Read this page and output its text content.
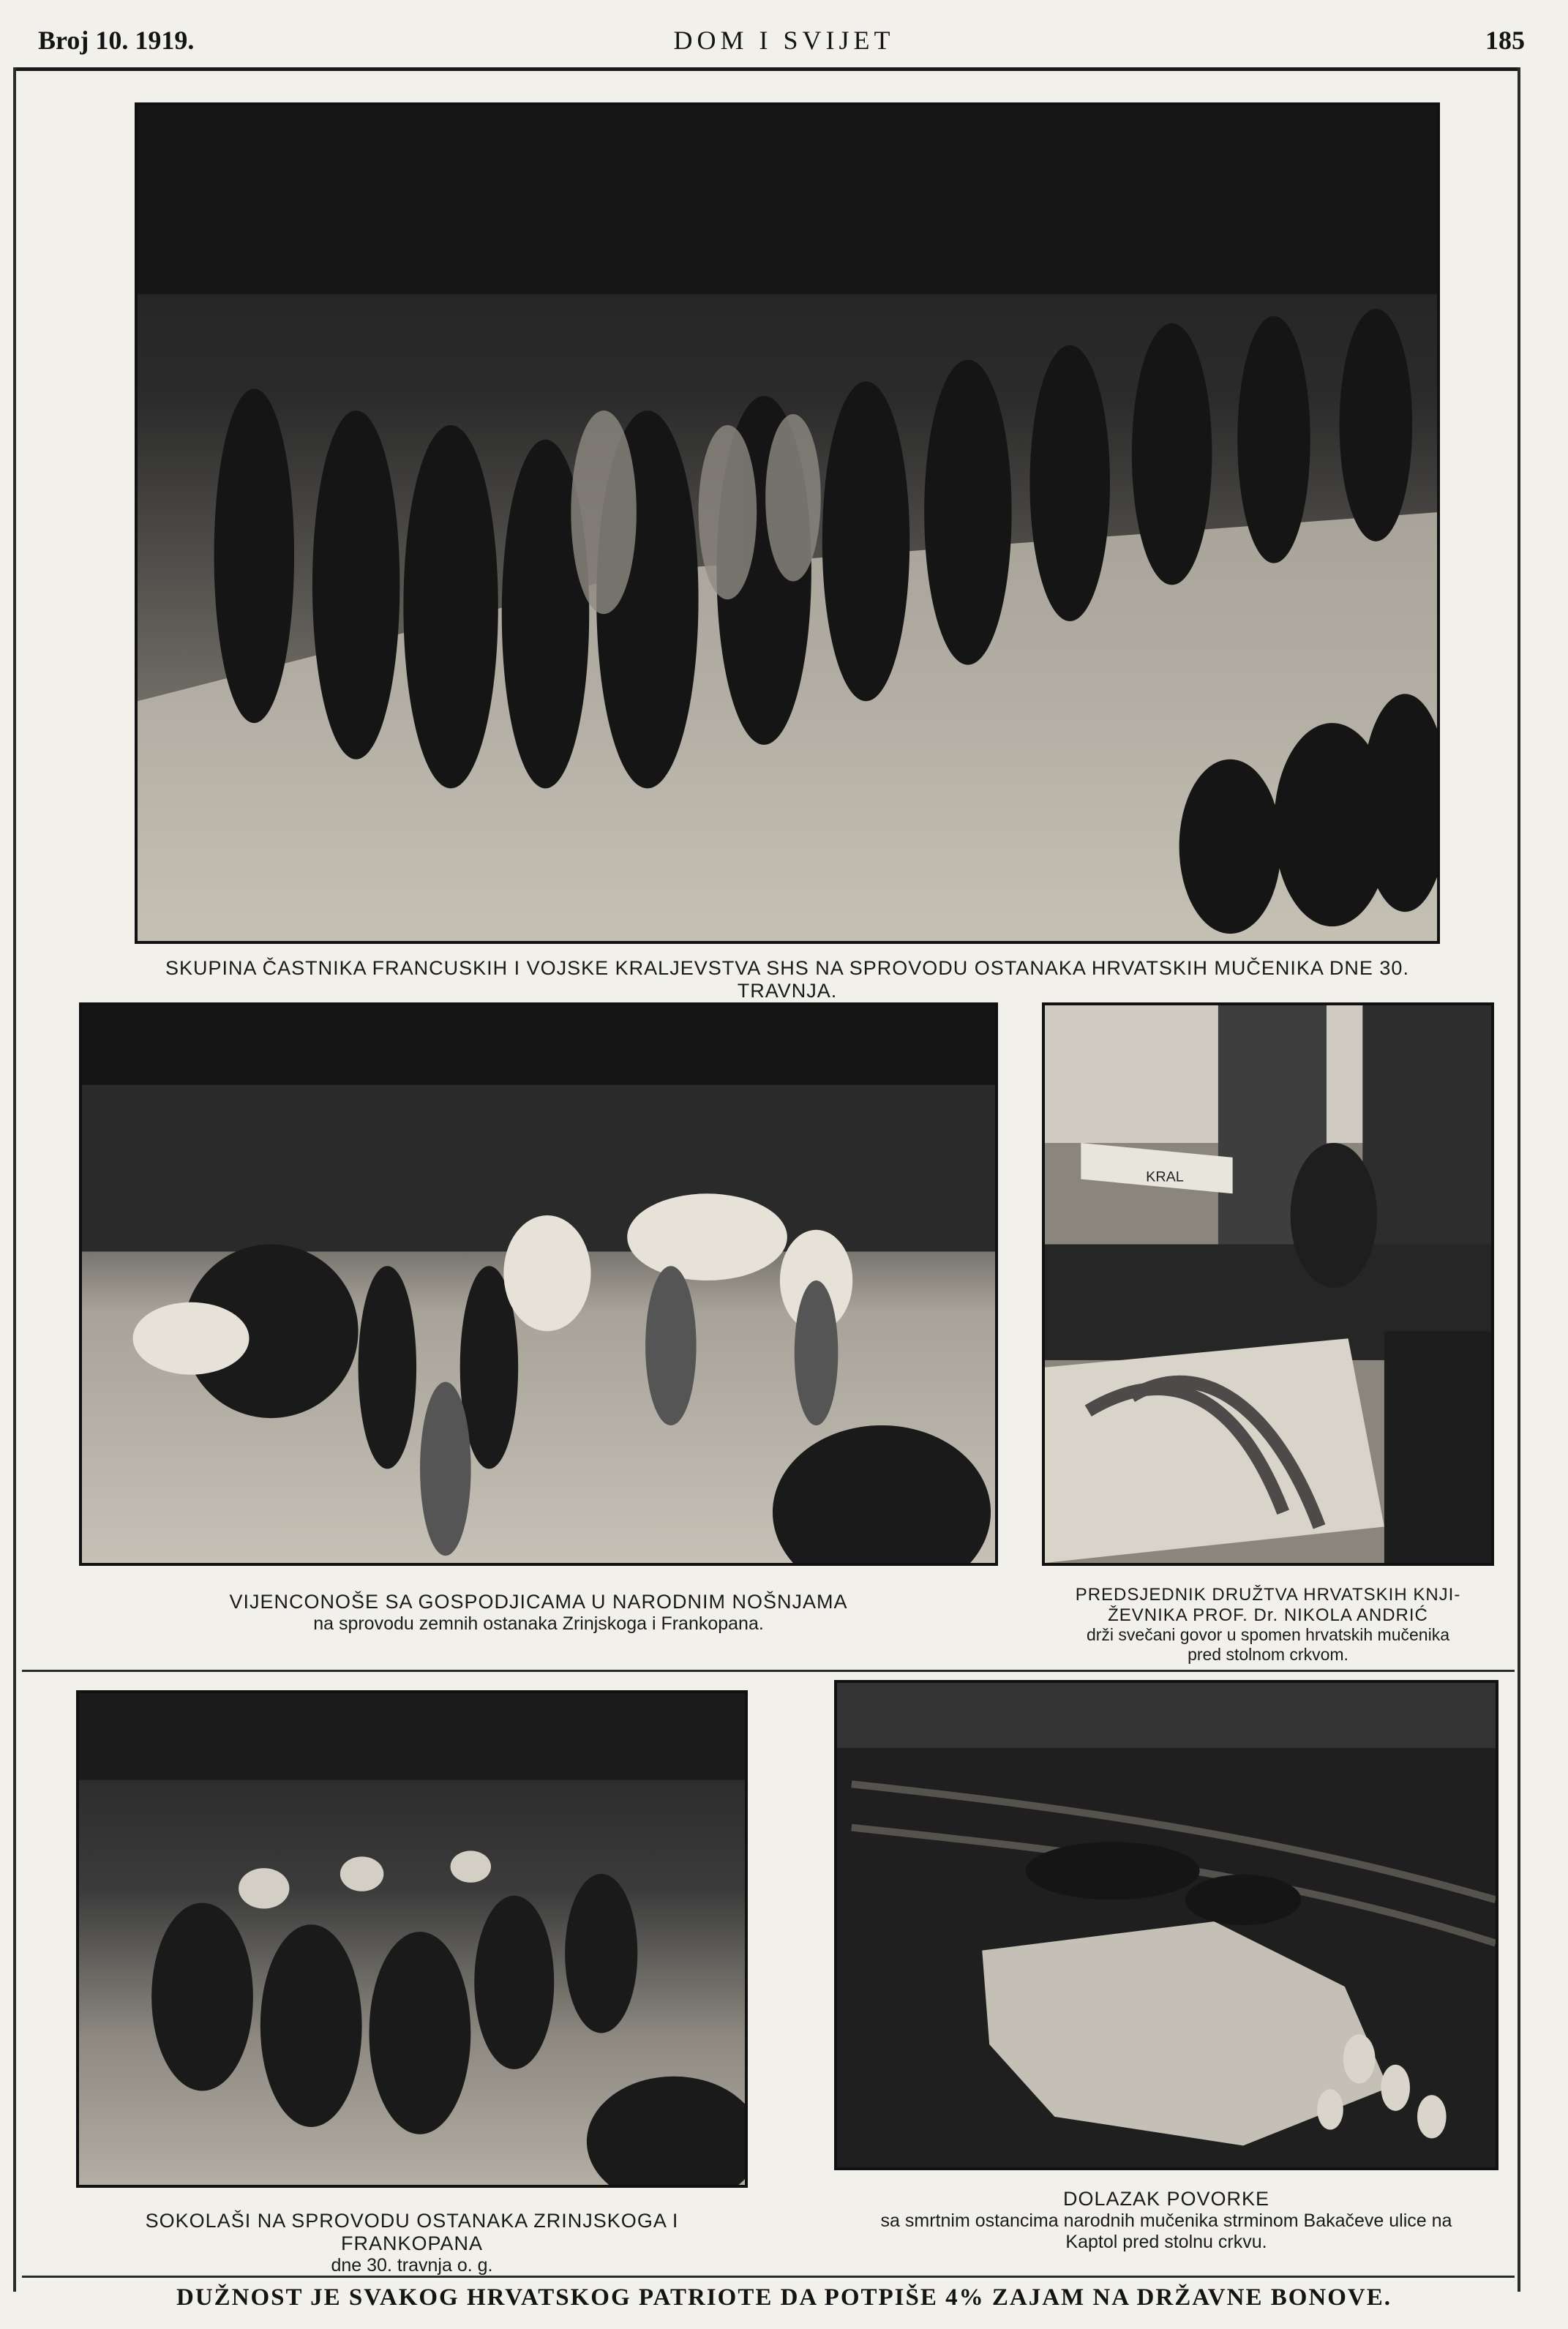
Broj 10. 1919.	DOM I SVIJET	185
SKUPINA ČASTNIKA FRANCUSKIH I VOJSKE KRALJEVSTVA SHS NA SPROVODU OSTANAKA HRVATSKIH MUČENIKA DNE 30. TRAVNJA.
VIJENCONOŠE SA GOSPODJICAMA U NARODNIM NOŠNJAMA
na sprovodu zemnih ostanaka Zrinjskoga i Frankopana.
KRAL
PREDSJEDNIK DRUŽTVA HRVATSKIH KNJI-
ŽEVNIKA PROF. Dr. NIKOLA ANDRIĆ
drži svečani govor u spomen hrvatskih mučenika
pred stolnom crkvom.
SOKOLAŠI NA SPROVODU OSTANAKA ZRINJSKOGA I FRANKOPANA
dne 30. travnja o. g.
DOLAZAK POVORKE
sa smrtnim ostancima narodnih mučenika strminom Bakačeve ulice na
Kaptol pred stolnu crkvu.
DUŽNOST JE SVAKOG HRVATSKOG PATRIOTE DA POTPIŠE 4% ZAJAM NA DRŽAVNE BONOVE.
